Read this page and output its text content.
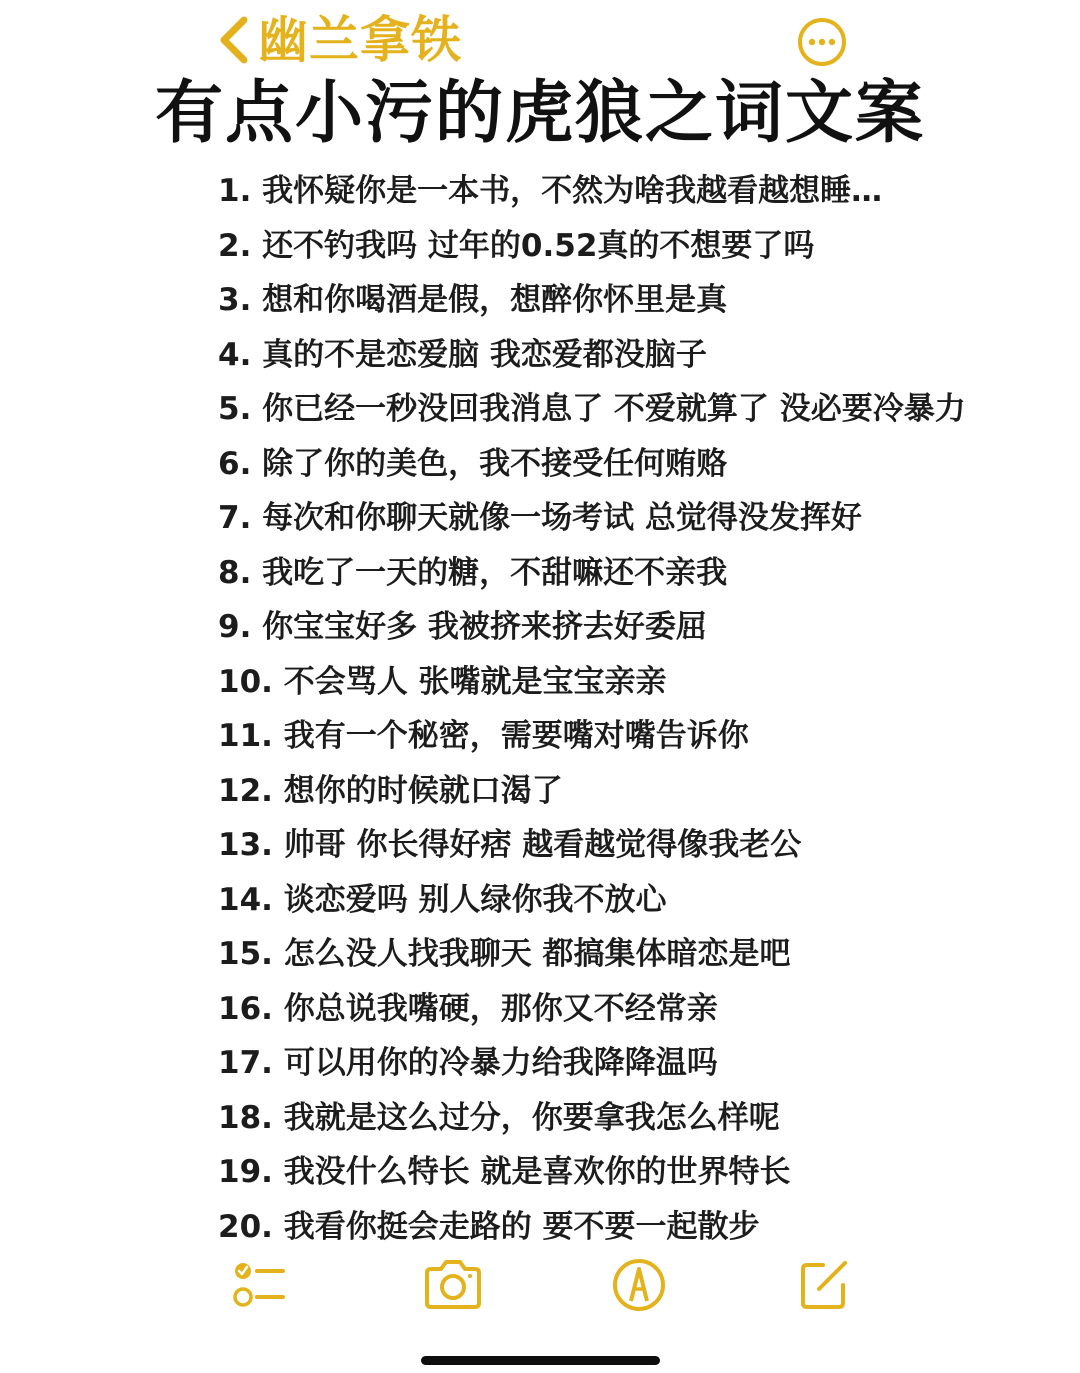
幽兰拿铁
有点小污的虎狼之词文案
1. 我怀疑你是一本书，不然为啥我越看越想睡…
2. 还不钓我吗 过年的0.52真的不想要了吗
3. 想和你喝酒是假，想醉你怀里是真
4. 真的不是恋爱脑 我恋爱都没脑子
5. 你已经一秒没回我消息了 不爱就算了 没必要冷暴力
6. 除了你的美色，我不接受任何贿赂
7. 每次和你聊天就像一场考试 总觉得没发挥好
8. 我吃了一天的糖，不甜嘛还不亲我
9. 你宝宝好多 我被挤来挤去好委屈
10. 不会骂人 张嘴就是宝宝亲亲
11. 我有一个秘密，需要嘴对嘴告诉你
12. 想你的时候就口渴了
13. 帅哥 你长得好痞 越看越觉得像我老公
14. 谈恋爱吗 别人绿你我不放心
15. 怎么没人找我聊天 都搞集体暗恋是吧
16. 你总说我嘴硬，那你又不经常亲
17. 可以用你的冷暴力给我降降温吗
18. 我就是这么过分，你要拿我怎么样呢
19. 我没什么特长 就是喜欢你的世界特长
20. 我看你挺会走路的 要不要一起散步
